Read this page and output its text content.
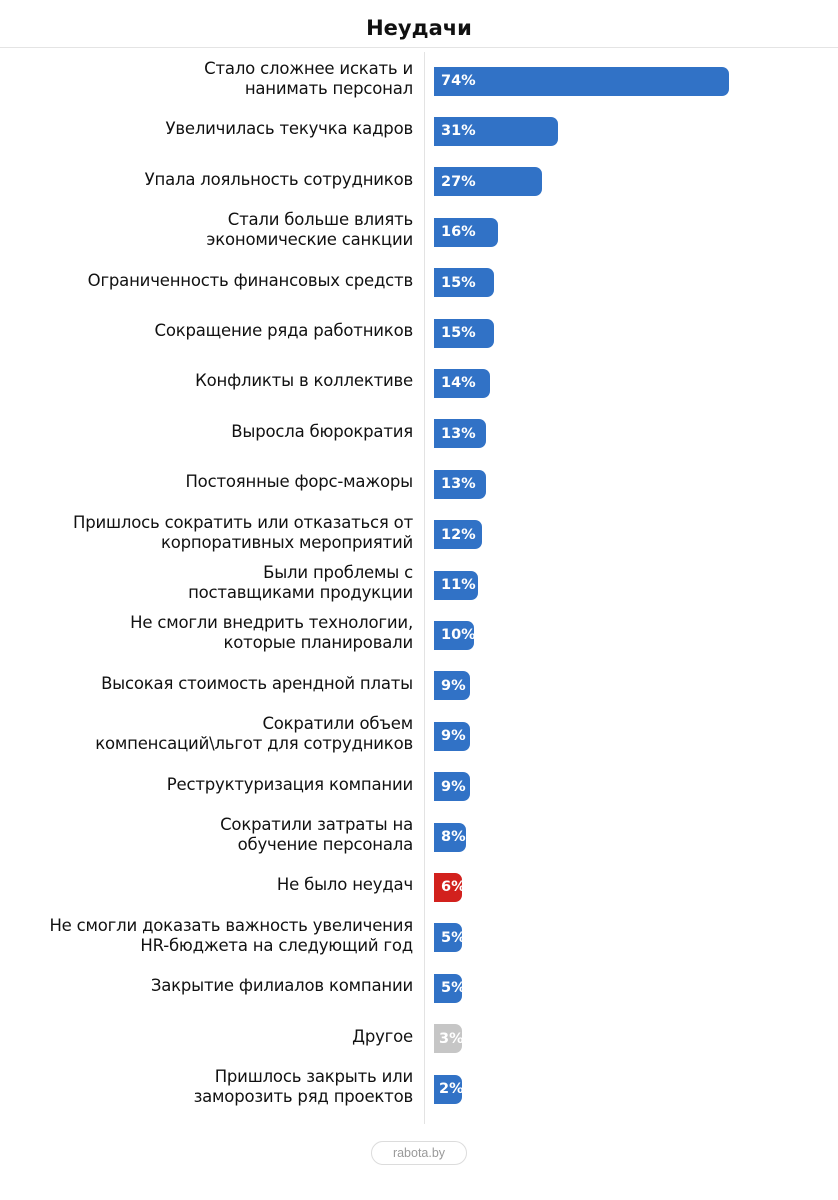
Неудачи
Стало сложнее искать и
нанимать персонал 74%
Увеличилась текучка кадров 31%
Упала лояльность сотрудников 27%
Стали больше влиять
экономические санкции 16%
Ограниченность финансовых средств 15%
Сокращение ряда работников 15%
Конфликты в коллективе 14%
Выросла бюрократия 13%
Постоянные форс-мажоры 13%
Пришлось сократить или отказаться от
корпоративных мероприятий 12%
Были проблемы с
поставщиками продукции 11%
Не смогли внедрить технологии,
которые планировали 10%
Высокая стоимость арендной платы 9%
Сократили объем
компенсаций\льгот для сотрудников 9%
Реструктуризация компании 9%
Сократили затраты на
обучение персонала 8%
Не было неудач 6%
Не смогли доказать важность увеличения
HR-бюджета на следующий год 5%
Закрытие филиалов компании 5%
Другое 3%
Пришлось закрыть или
заморозить ряд проектов 2%
rabota.by
